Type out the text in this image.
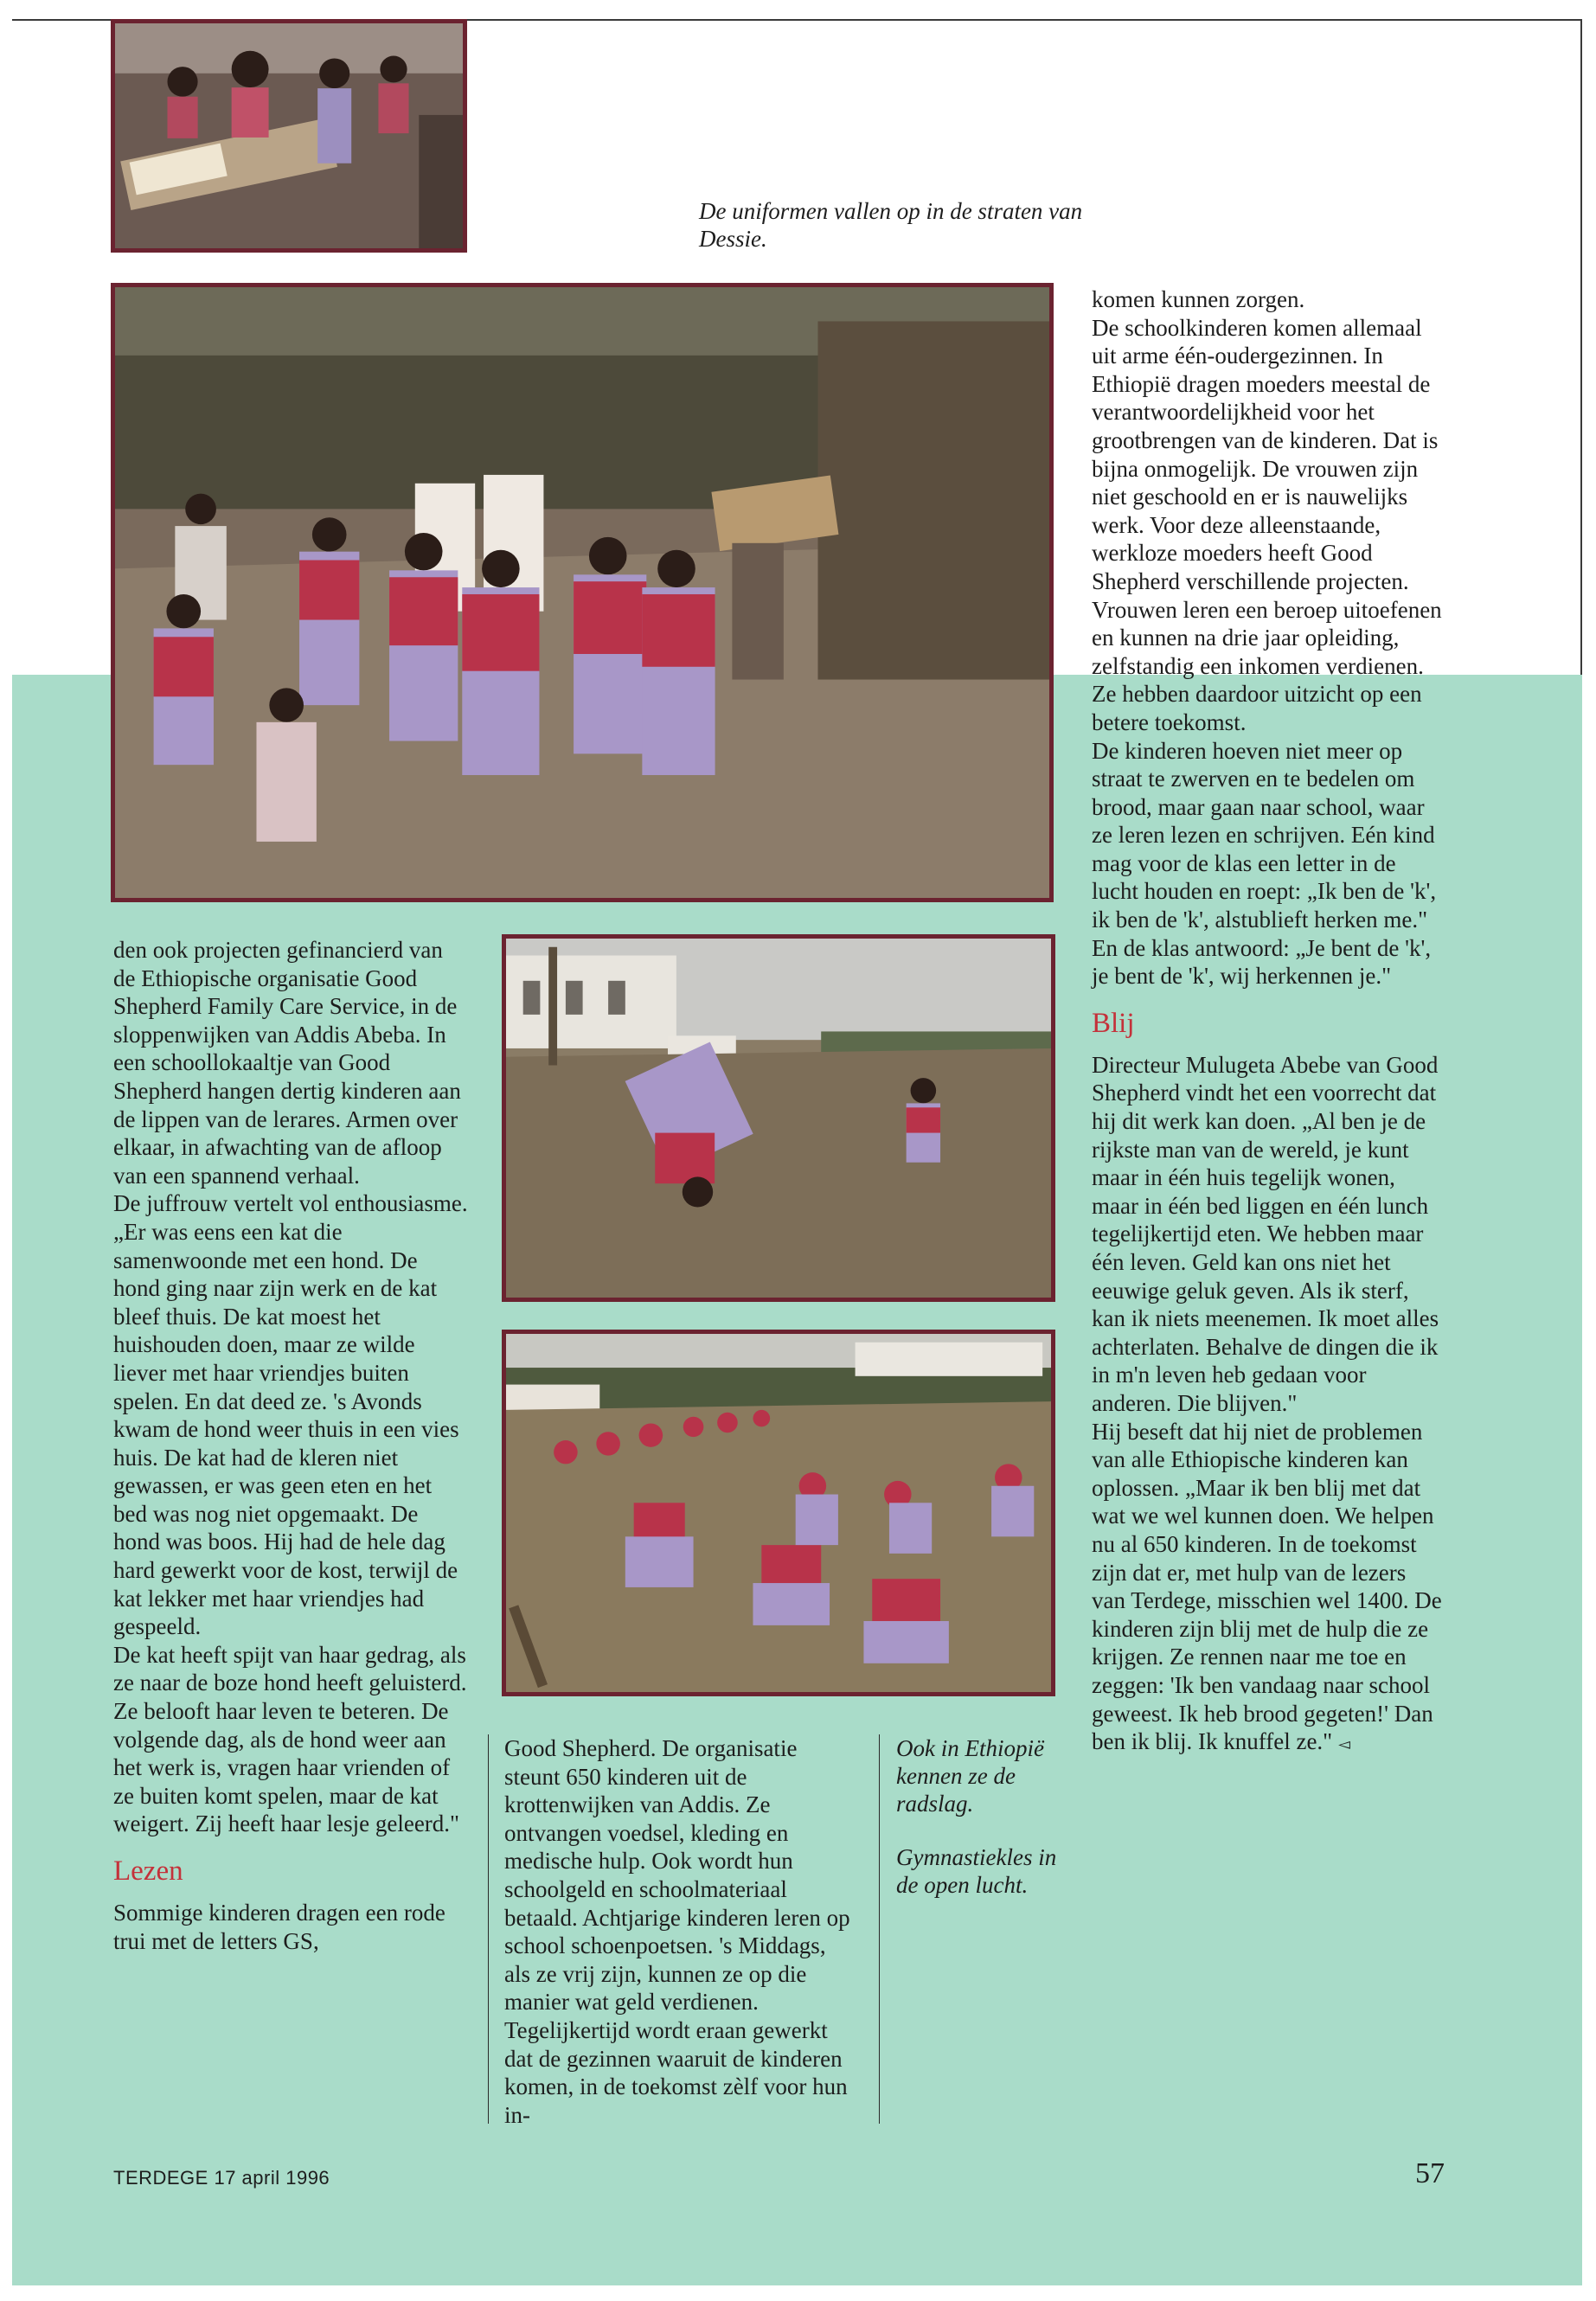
De uniformen vallen op in de straten van Dessie.

den ook projecten gefinancierd van de Ethiopische organisatie Good Shepherd Family Care Service, in de sloppenwijken van Addis Abeba. In een schoollokaaltje van Good Shepherd hangen dertig kinderen aan de lippen van de lerares. Armen over elkaar, in afwachting van de afloop van een spannend verhaal.

De juffrouw vertelt vol enthousiasme. „Er was eens een kat die samenwoonde met een hond. De hond ging naar zijn werk en de kat bleef thuis. De kat moest het huishouden doen, maar ze wilde liever met haar vriendjes buiten spelen. En dat deed ze. 's Avonds kwam de hond weer thuis in een vies huis. De kat had de kleren niet gewassen, er was geen eten en het bed was nog niet opgemaakt. De hond was boos. Hij had de hele dag hard gewerkt voor de kost, terwijl de kat lekker met haar vriendjes had gespeeld.

De kat heeft spijt van haar gedrag, als ze naar de boze hond heeft geluisterd. Ze belooft haar leven te beteren. De volgende dag, als de hond weer aan het werk is, vragen haar vrienden of ze buiten komt spelen, maar de kat weigert. Zij heeft haar lesje geleerd."

Lezen

Sommige kinderen dragen een rode trui met de letters GS,

Good Shepherd. De organisatie steunt 650 kinderen uit de krottenwijken van Addis. Ze ontvangen voedsel, kleding en medische hulp. Ook wordt hun schoolgeld en schoolmateriaal betaald. Achtjarige kinderen leren op school schoenpoetsen. 's Middags, als ze vrij zijn, kunnen ze op die manier wat geld verdienen. Tegelijkertijd wordt eraan gewerkt dat de gezinnen waaruit de kinderen komen, in de toekomst zèlf voor hun in-

Ook in Ethiopië kennen ze de radslag.

Gymnastiekles in de open lucht.

komen kunnen zorgen.

De schoolkinderen komen allemaal uit arme één-oudergezinnen. In Ethiopië dragen moeders meestal de verantwoordelijkheid voor het grootbrengen van de kinderen. Dat is bijna onmogelijk. De vrouwen zijn niet geschoold en er is nauwelijks werk. Voor deze alleenstaande, werkloze moeders heeft Good Shepherd verschillende projecten. Vrouwen leren een beroep uitoefenen en kunnen na drie jaar opleiding, zelfstandig een inkomen verdienen. Ze hebben daardoor uitzicht op een betere toekomst.

De kinderen hoeven niet meer op straat te zwerven en te bedelen om brood, maar gaan naar school, waar ze leren lezen en schrijven. Eén kind mag voor de klas een letter in de lucht houden en roept: „Ik ben de 'k', ik ben de 'k', alstublieft herken me." En de klas antwoord: „Je bent de 'k', je bent de 'k', wij herkennen je."

Blij

Directeur Mulugeta Abebe van Good Shepherd vindt het een voorrecht dat hij dit werk kan doen. „Al ben je de rijkste man van de wereld, je kunt maar in één huis tegelijk wonen, maar in één bed liggen en één lunch tegelijkertijd eten. We hebben maar één leven. Geld kan ons niet het eeuwige geluk geven. Als ik sterf, kan ik niets meenemen. Ik moet alles achterlaten. Behalve de dingen die ik in m'n leven heb gedaan voor anderen. Die blijven."

Hij beseft dat hij niet de problemen van alle Ethiopische kinderen kan oplossen. „Maar ik ben blij met dat wat we wel kunnen doen. We helpen nu al 650 kinderen. In de toekomst zijn dat er, met hulp van de lezers van Terdege, misschien wel 1400. De kinderen zijn blij met de hulp die ze krijgen. Ze rennen naar me toe en zeggen: 'Ik ben vandaag naar school geweest. Ik heb brood gegeten!' Dan ben ik blij. Ik knuffel ze." ◅

TERDEGE 17 april 1996	57
